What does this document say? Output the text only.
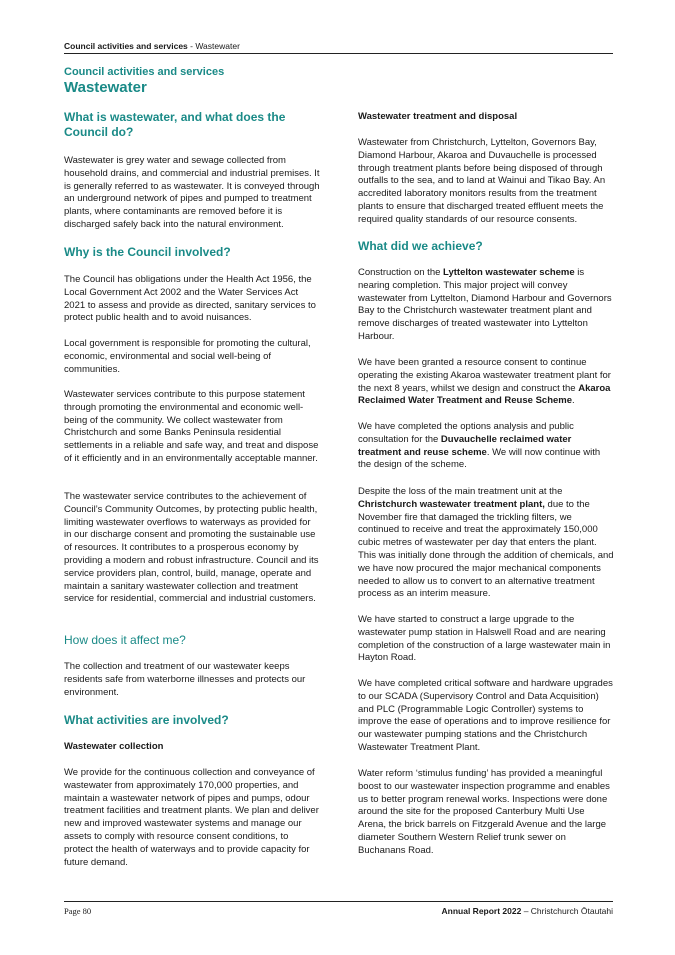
Council activities and services - Wastewater
Council activities and services
Wastewater
What is wastewater, and what does the Council do?

Wastewater is grey water and sewage collected from household drains, and commercial and industrial premises. It is generally referred to as wastewater. It is conveyed through an underground network of pipes and pumped to treatment plants, where contaminants are removed before it is discharged safely back into the natural environment.

Why is the Council involved?

The Council has obligations under the Health Act 1956, the Local Government Act 2002 and the Water Services Act 2021 to assess and provide as directed, sanitary services to protect public health and to avoid nuisances.

Local government is responsible for promoting the cultural, economic, environmental and social well-being of communities.

Wastewater services contribute to this purpose statement through promoting the environmental and economic well-being of the community. We collect wastewater from Christchurch and some Banks Peninsula residential settlements in a reliable and safe way, and treat and dispose of it efficiently and in an environmentally acceptable manner.

The wastewater service contributes to the achievement of Council’s Community Outcomes, by protecting public health, limiting wastewater overflows to waterways as provided for in our discharge consent and promoting the sustainable use of resources. It contributes to a prosperous economy by providing a modern and robust infrastructure. Council and its service providers plan, control, build, manage, operate and maintain a sanitary wastewater collection and treatment service for residential, commercial and industrial customers.

How does it affect me?

The collection and treatment of our wastewater keeps residents safe from waterborne illnesses and protects our environment.

What activities are involved?
Wastewater collection

We provide for the continuous collection and conveyance of wastewater from approximately 170,000 properties, and maintain a wastewater network of pipes and pumps, odour treatment facilities and treatment plants. We plan and deliver new and improved wastewater systems and manage our assets to comply with resource consent conditions, to protect the health of waterways and to provide capacity for future demand.

Wastewater treatment and disposal

Wastewater from Christchurch, Lyttelton, Governors Bay, Diamond Harbour, Akaroa and Duvauchelle is processed through treatment plants before being disposed of through outfalls to the sea, and to land at Wainui and Tikao Bay. An accredited laboratory monitors results from the treatment plants to ensure that discharged treated effluent meets the required quality standards of our resource consents.

What did we achieve?

Construction on the Lyttelton wastewater scheme is nearing completion. This major project will convey wastewater from Lyttelton, Diamond Harbour and Governors Bay to the Christchurch wastewater treatment plant and remove discharges of treated wastewater into Lyttelton Harbour.

We have been granted a resource consent to continue operating the existing Akaroa wastewater treatment plant for the next 8 years, whilst we design and construct the Akaroa Reclaimed Water Treatment and Reuse Scheme.

We have completed the options analysis and public consultation for the Duvauchelle reclaimed water treatment and reuse scheme. We will now continue with the design of the scheme.

Despite the loss of the main treatment unit at the Christchurch wastewater treatment plant, due to the November fire that damaged the trickling filters, we continued to receive and treat the approximately 150,000 cubic metres of wastewater per day that enters the plant. This was initially done through the addition of chemicals, and we have now procured the major mechanical components needed to allow us to convert to an alternative treatment process as an interim measure.

We have started to construct a large upgrade to the wastewater pump station in Halswell Road and are nearing completion of the construction of a large wastewater main in Hayton Road.

We have completed critical software and hardware upgrades to our SCADA (Supervisory Control and Data Acquisition) and PLC (Programmable Logic Controller) systems to improve the ease of operations and to improve resilience for our wastewater pumping stations and the Christchurch Wastewater Treatment Plant.

Water reform ‘stimulus funding’ has provided a meaningful boost to our wastewater inspection programme and enables us to better program renewal works. Inspections were done around the site for the proposed Canterbury Multi Use Arena, the brick barrels on Fitzgerald Avenue and the large diameter Southern Western Relief trunk sewer on Buchanans Road.

Page 80	Annual Report 2022 – Christchurch Ōtautahi
